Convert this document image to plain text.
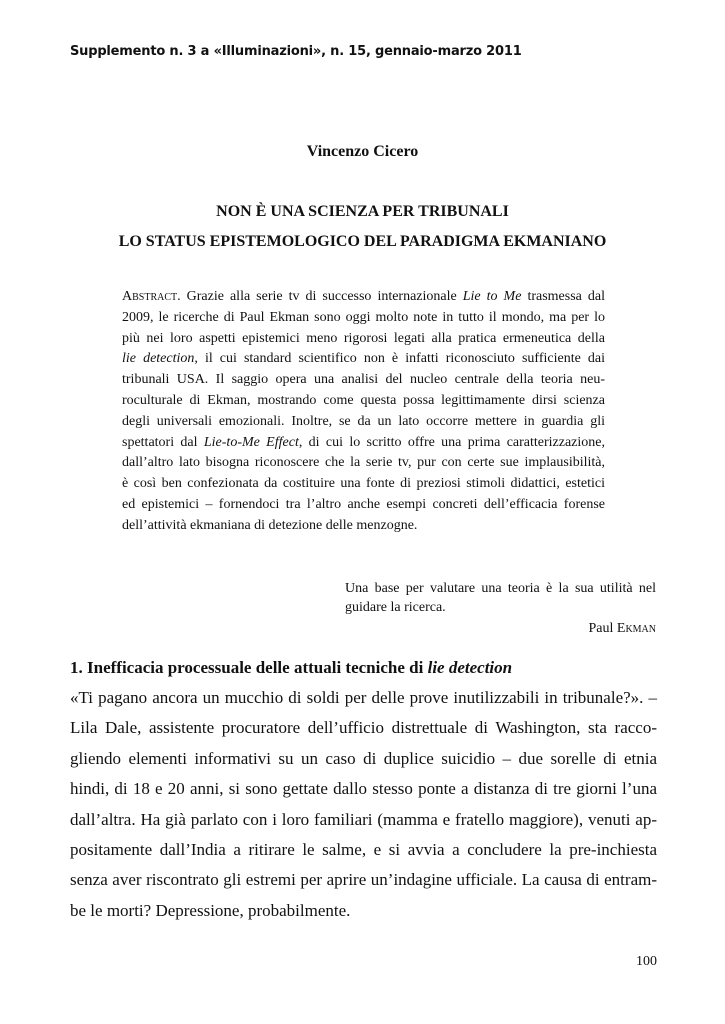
Supplemento n. 3 a «Illuminazioni», n. 15, gennaio-marzo 2011
Vincenzo Cicero
NON È UNA SCIENZA PER TRIBUNALI
LO STATUS EPISTEMOLOGICO DEL PARADIGMA EKMANIANO
Abstract. Grazie alla serie tv di successo internazionale Lie to Me trasmessa dal
2009, le ricerche di Paul Ekman sono oggi molto note in tutto il mondo, ma per lo
più nei loro aspetti epistemici meno rigorosi legati alla pratica ermeneutica della
lie detection, il cui standard scientifico non è infatti riconosciuto sufficiente dai
tribunali USA. Il saggio opera una analisi del nucleo centrale della teoria neu-
roculturale di Ekman, mostrando come questa possa legittimamente dirsi scienza
degli universali emozionali. Inoltre, se da un lato occorre mettere in guardia gli
spettatori dal Lie-to-Me Effect, di cui lo scritto offre una prima caratterizzazione,
dall’altro lato bisogna riconoscere che la serie tv, pur con certe sue implausibilità,
è così ben confezionata da costituire una fonte di preziosi stimoli didattici, estetici
ed epistemici – fornendoci tra l’altro anche esempi concreti dell’efficacia forense
dell’attività ekmaniana di detezione delle menzogne.
Una base per valutare una teoria è la sua utilità nel
guidare la ricerca.
Paul Ekman
1. Inefficacia processuale delle attuali tecniche di lie detection
«Ti pagano ancora un mucchio di soldi per delle prove inutilizzabili in tribunale?». –
Lila Dale, assistente procuratore dell’ufficio distrettuale di Washington, sta racco-
gliendo elementi informativi su un caso di duplice suicidio – due sorelle di etnia
hindi, di 18 e 20 anni, si sono gettate dallo stesso ponte a distanza di tre giorni l’una
dall’altra. Ha già parlato con i loro familiari (mamma e fratello maggiore), venuti ap-
positamente dall’India a ritirare le salme, e si avvia a concludere la pre-inchiesta
senza aver riscontrato gli estremi per aprire un’indagine ufficiale. La causa di entram-
be le morti? Depressione, probabilmente.
100
